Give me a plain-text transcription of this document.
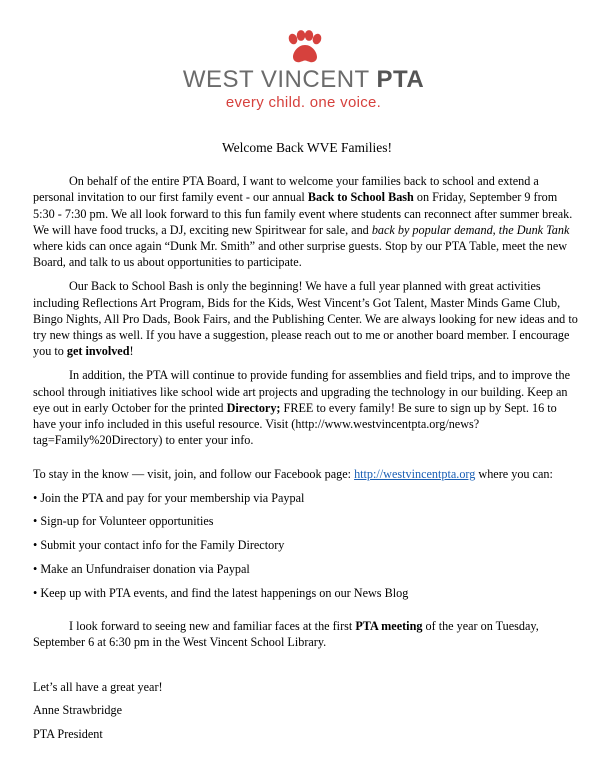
WEST VINCENT PTA
every child. one voice.
Welcome Back WVE Families!

On behalf of the entire PTA Board, I want to welcome your families back to school and extend a personal invitation to our first family event - our annual Back to School Bash on Friday, September 9 from 5:30 - 7:30 pm. We all look forward to this fun family event where students can reconnect after summer break. We will have food trucks, a DJ, exciting new Spiritwear for sale, and back by popular demand, the Dunk Tank where kids can once again “Dunk Mr. Smith” and other surprise guests. Stop by our PTA Table, meet the new Board, and talk to us about opportunities to participate.

Our Back to School Bash is only the beginning! We have a full year planned with great activities including Reflections Art Program, Bids for the Kids, West Vincent’s Got Talent, Master Minds Game Club, Bingo Nights, All Pro Dads, Book Fairs, and the Publishing Center. We are always looking for new ideas and to try new things as well. If you have a suggestion, please reach out to me or another board member. I encourage you to get involved!

In addition, the PTA will continue to provide funding for assemblies and field trips, and to improve the school through initiatives like school wide art projects and upgrading the technology in our building. Keep an eye out in early October for the printed Directory; FREE to every family! Be sure to sign up by Sept. 16 to have your info included in this useful resource. Visit (http://www.westvincentpta.org/news?tag=Family%20Directory) to enter your info.

To stay in the know — visit, join, and follow our Facebook page: http://westvincentpta.org where you can:

• Join the PTA and pay for your membership via Paypal

• Sign-up for Volunteer opportunities

• Submit your contact info for the Family Directory

• Make an Unfundraiser donation via Paypal

• Keep up with PTA events, and find the latest happenings on our News Blog

I look forward to seeing new and familiar faces at the first PTA meeting of the year on Tuesday, September 6 at 6:30 pm in the West Vincent School Library.

Let’s all have a great year!

Anne Strawbridge

PTA President
